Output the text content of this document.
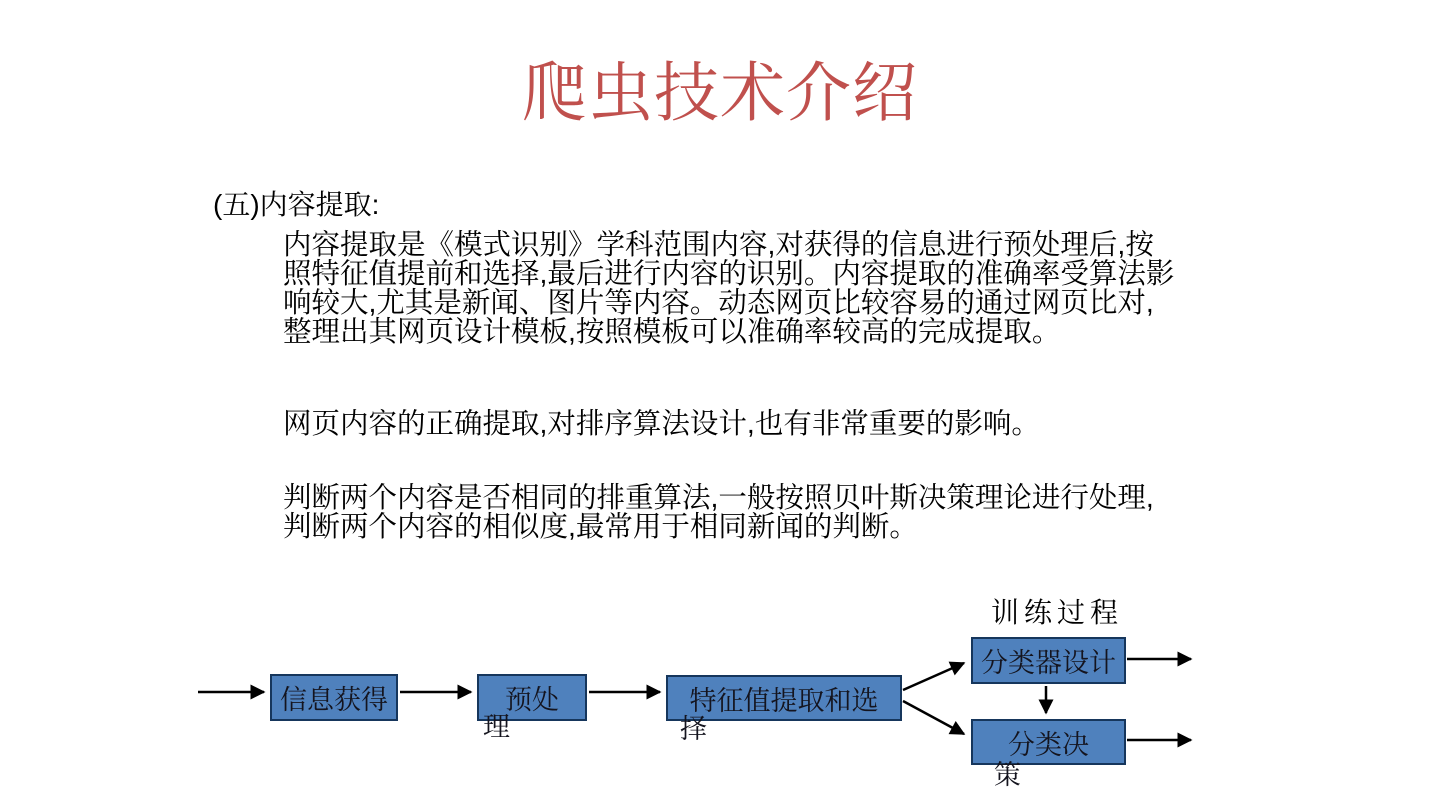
爬虫技术介绍
(五)内容提取:
内容提取是《模式识别》学科范围内容,对获得的信息进行预处理后,按
照特征值提前和选择,最后进行内容的识别。内容提取的准确率受算法影
响较大,尤其是新闻、图片等内容。动态网页比较容易的通过网页比对,
整理出其网页设计模板,按照模板可以准确率较高的完成提取。
网页内容的正确提取,对排序算法设计,也有非常重要的影响。
判断两个内容是否相同的排重算法,一般按照贝叶斯决策理论进行处理,
判断两个内容的相似度,最常用于相同新闻的判断。
训练过程
信息获得	预处
理
特征值提取和选
择
分类器设计
分类决
策
